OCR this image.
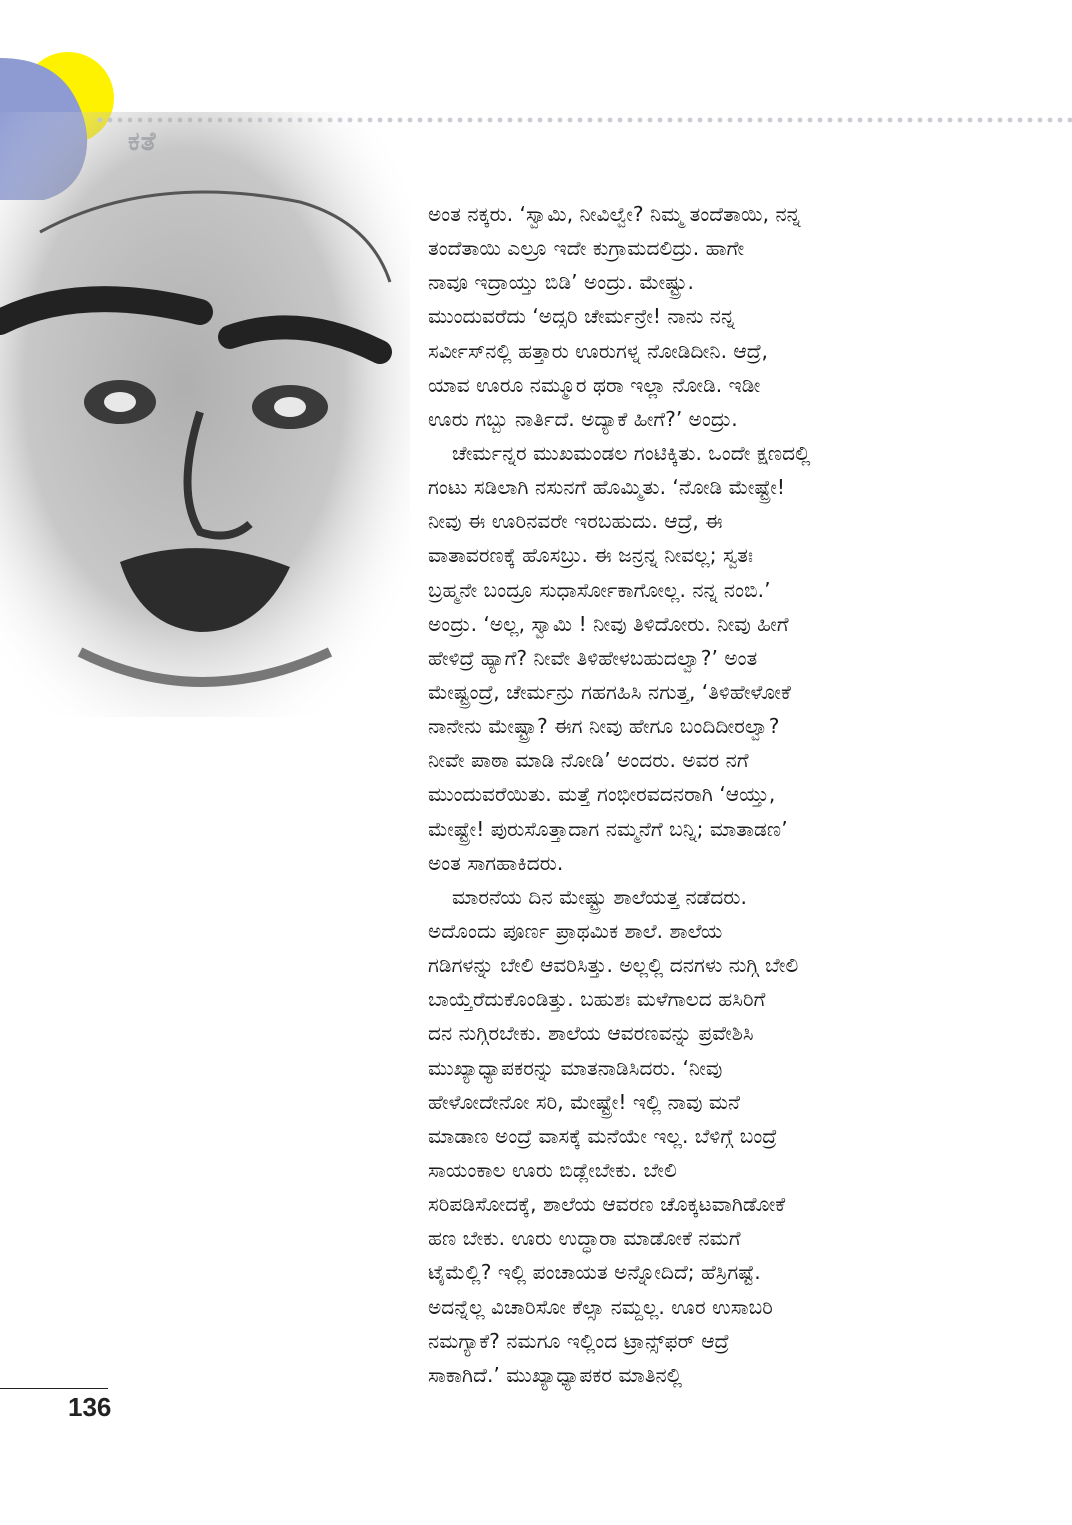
ಅಂತ ನಕ್ಕರು. ‘ಸ್ವಾಮಿ, ನೀವಿಲ್ವೇ? ನಿಮ್ಮ ತಂದೆತಾಯಿ, ನನ್ನ
ತಂದೆತಾಯಿ ಎಲ್ರೂ ಇದೇ ಕುಗ್ರಾಮದಲಿದ್ರು. ಹಾಗೇ
ನಾವೂ ಇದ್ರಾಯ್ತು ಬಿಡಿ’ ಅಂದ್ರು. ಮೇಷ್ಟ್ರು.
ಮುಂದುವರೆದು ‘ಅದ್ಸರಿ ಚೇರ್ಮನ್ರೇ! ನಾನು ನನ್ನ
ಸರ್ವೀಸ್‌ನಲ್ಲಿ ಹತ್ತಾರು ಊರುಗಳ್ನ ನೋಡಿದೀನಿ. ಆದ್ರೆ,
ಯಾವ ಊರೂ ನಮ್ಮೂರ ಥರಾ ಇಲ್ಲಾ ನೋಡಿ. ಇಡೀ
ಊರು ಗಬ್ಬು ನಾರ್ತಿದೆ. ಅದ್ಯಾಕೆ ಹೀಗೆ?’ ಅಂದ್ರು.
ಚೇರ್ಮನ್ನರ ಮುಖಮಂಡಲ ಗಂಟಿಕ್ಕಿತು. ಒಂದೇ ಕ್ಷಣದಲ್ಲಿ
ಗಂಟು ಸಡಿಲಾಗಿ ನಸುನಗೆ ಹೊಮ್ಮಿತು. ‘ನೋಡಿ ಮೇಷ್ಟ್ರೇ!
ನೀವು ಈ ಊರಿನವರೇ ಇರಬಹುದು. ಆದ್ರೆ, ಈ
ವಾತಾವರಣಕ್ಕೆ ಹೊಸಬ್ರು. ಈ ಜನ್ರನ್ನ ನೀವಲ್ಲ; ಸ್ವತಃ
ಬ್ರಹ್ಮನೇ ಬಂದ್ರೂ ಸುಧಾರ್ಸೋಕಾಗೋಲ್ಲ. ನನ್ನ ನಂಬಿ.’
ಅಂದ್ರು. ‘ಅಲ್ಲ, ಸ್ವಾಮಿ ! ನೀವು ತಿಳಿದೋರು. ನೀವು ಹೀಗೆ
ಹೇಳಿದ್ರೆ ಹ್ಯಾಗೆ? ನೀವೇ ತಿಳಿಹೇಳಬಹುದಲ್ವಾ?’ ಅಂತ
ಮೇಷ್ಟ್ರಂದ್ರೆ, ಚೇರ್ಮನ್ರು ಗಹಗಹಿಸಿ ನಗುತ್ತ, ‘ತಿಳಿಹೇಳೋಕೆ
ನಾನೇನು ಮೇಷ್ಟ್ರಾ? ಈಗ ನೀವು ಹೇಗೂ ಬಂದಿದೀರಲ್ವಾ?
ನೀವೇ ಪಾಠಾ ಮಾಡಿ ನೋಡಿ’ ಅಂದರು. ಅವರ ನಗೆ
ಮುಂದುವರೆಯಿತು. ಮತ್ತೆ ಗಂಭೀರವದನರಾಗಿ ‘ಆಯ್ತು,
ಮೇಷ್ಟ್ರೇ! ಪುರುಸೊತ್ತಾದಾಗ ನಮ್ಮನೆಗೆ ಬನ್ನಿ; ಮಾತಾಡಣ’
ಅಂತ ಸಾಗಹಾಕಿದರು.
ಮಾರನೆಯ ದಿನ ಮೇಷ್ಟ್ರು ಶಾಲೆಯತ್ತ ನಡೆದರು.
ಅದೊಂದು ಪೂರ್ಣ ಪ್ರಾಥಮಿಕ ಶಾಲೆ. ಶಾಲೆಯ
ಗಡಿಗಳನ್ನು ಬೇಲಿ ಆವರಿಸಿತ್ತು. ಅಲ್ಲಲ್ಲಿ ದನಗಳು ನುಗ್ಗಿ ಬೇಲಿ
ಬಾಯ್ತೆರೆದುಕೊಂಡಿತ್ತು. ಬಹುಶಃ ಮಳೆಗಾಲದ ಹಸಿರಿಗೆ
ದನ ನುಗ್ಗಿರಬೇಕು. ಶಾಲೆಯ ಆವರಣವನ್ನು ಪ್ರವೇಶಿಸಿ
ಮುಖ್ಯಾಧ್ಯಾಪಕರನ್ನು ಮಾತನಾಡಿಸಿದರು. ‘ನೀವು
ಹೇಳೋದೇನೋ ಸರಿ, ಮೇಷ್ಟ್ರೇ! ಇಲ್ಲಿ ನಾವು ಮನೆ
ಮಾಡಾಣ ಅಂದ್ರೆ ವಾಸಕ್ಕೆ ಮನೆಯೇ ಇಲ್ಲ. ಬೆಳಿಗ್ಗೆ ಬಂದ್ರೆ
ಸಾಯಂಕಾಲ ಊರು ಬಿಡ್ಲೇಬೇಕು. ಬೇಲಿ
ಸರಿಪಡಿಸೋದಕ್ಕೆ, ಶಾಲೆಯ ಆವರಣ ಚೊಕ್ಕಟವಾಗಿಡೋಕೆ
ಹಣ ಬೇಕು. ಊರು ಉದ್ಧಾರಾ ಮಾಡೋಕೆ ನಮಗೆ
ಟೈಮೆಲ್ಲಿ? ಇಲ್ಲಿ ಪಂಚಾಯತ ಅನ್ನೋದಿದೆ; ಹೆಸ್ರಿಗಷ್ಟೆ.
ಅದನ್ನೆಲ್ಲ ವಿಚಾರಿಸೋ ಕೆಲ್ಸಾ ನಮ್ದಲ್ಲ. ಊರ ಉಸಾಬರಿ
ನಮಗ್ಯಾಕೆ? ನಮಗೂ ಇಲ್ಲಿಂದ ಟ್ರಾನ್ಸ್‌ಫರ್ ಆದ್ರೆ
ಸಾಕಾಗಿದೆ.’ ಮುಖ್ಯಾಧ್ಯಾಪಕರ ಮಾತಿನಲ್ಲಿ
136
